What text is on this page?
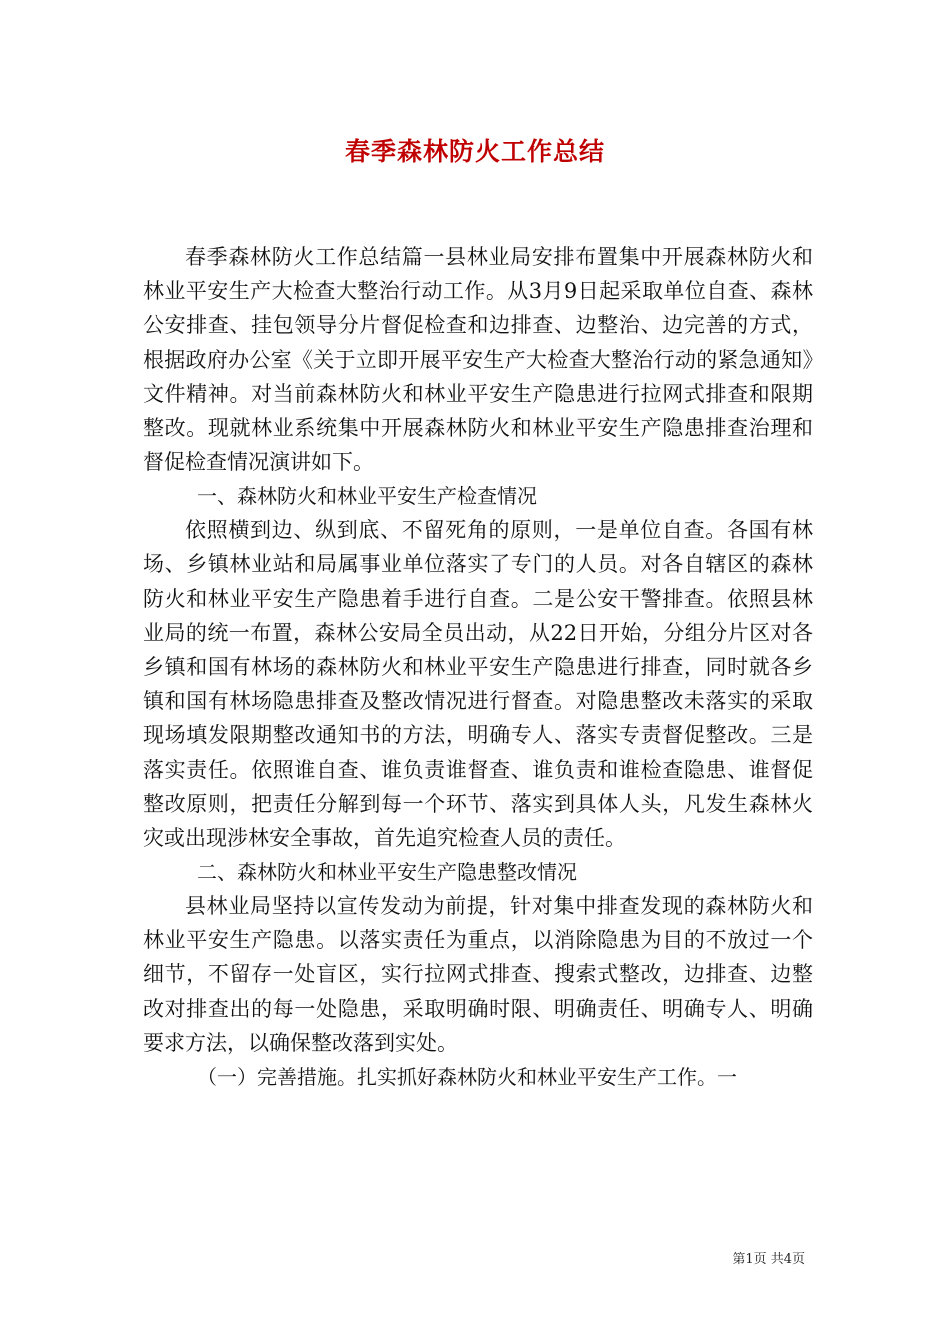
春季森林防火工作总结

春季森林防火工作总结篇一县林业局安排布置集中开展森林防火和林业平安生产大检查大整治行动工作。从3月9日起采取单位自查、森林公安排查、挂包领导分片督促检查和边排查、边整治、边完善的方式，根据政府办公室《关于立即开展平安生产大检查大整治行动的紧急通知》文件精神。对当前森林防火和林业平安生产隐患进行拉网式排查和限期整改。现就林业系统集中开展森林防火和林业平安生产隐患排查治理和督促检查情况演讲如下。

一、森林防火和林业平安生产检查情况

依照横到边、纵到底、不留死角的原则，一是单位自查。各国有林场、乡镇林业站和局属事业单位落实了专门的人员。对各自辖区的森林防火和林业平安生产隐患着手进行自查。二是公安干警排查。依照县林业局的统一布置，森林公安局全员出动，从22日开始，分组分片区对各乡镇和国有林场的森林防火和林业平安生产隐患进行排查，同时就各乡镇和国有林场隐患排查及整改情况进行督查。对隐患整改未落实的采取现场填发限期整改通知书的方法，明确专人、落实专责督促整改。三是落实责任。依照谁自查、谁负责谁督查、谁负责和谁检查隐患、谁督促整改原则，把责任分解到每一个环节、落实到具体人头，凡发生森林火灾或出现涉林安全事故，首先追究检查人员的责任。

二、森林防火和林业平安生产隐患整改情况

县林业局坚持以宣传发动为前提，针对集中排查发现的森林防火和林业平安生产隐患。以落实责任为重点，以消除隐患为目的不放过一个细节，不留存一处盲区，实行拉网式排查、搜索式整改，边排查、边整改对排查出的每一处隐患，采取明确时限、明确责任、明确专人、明确要求方法，以确保整改落到实处。

（一）完善措施。扎实抓好森林防火和林业平安生产工作。一

第1页 共4页
